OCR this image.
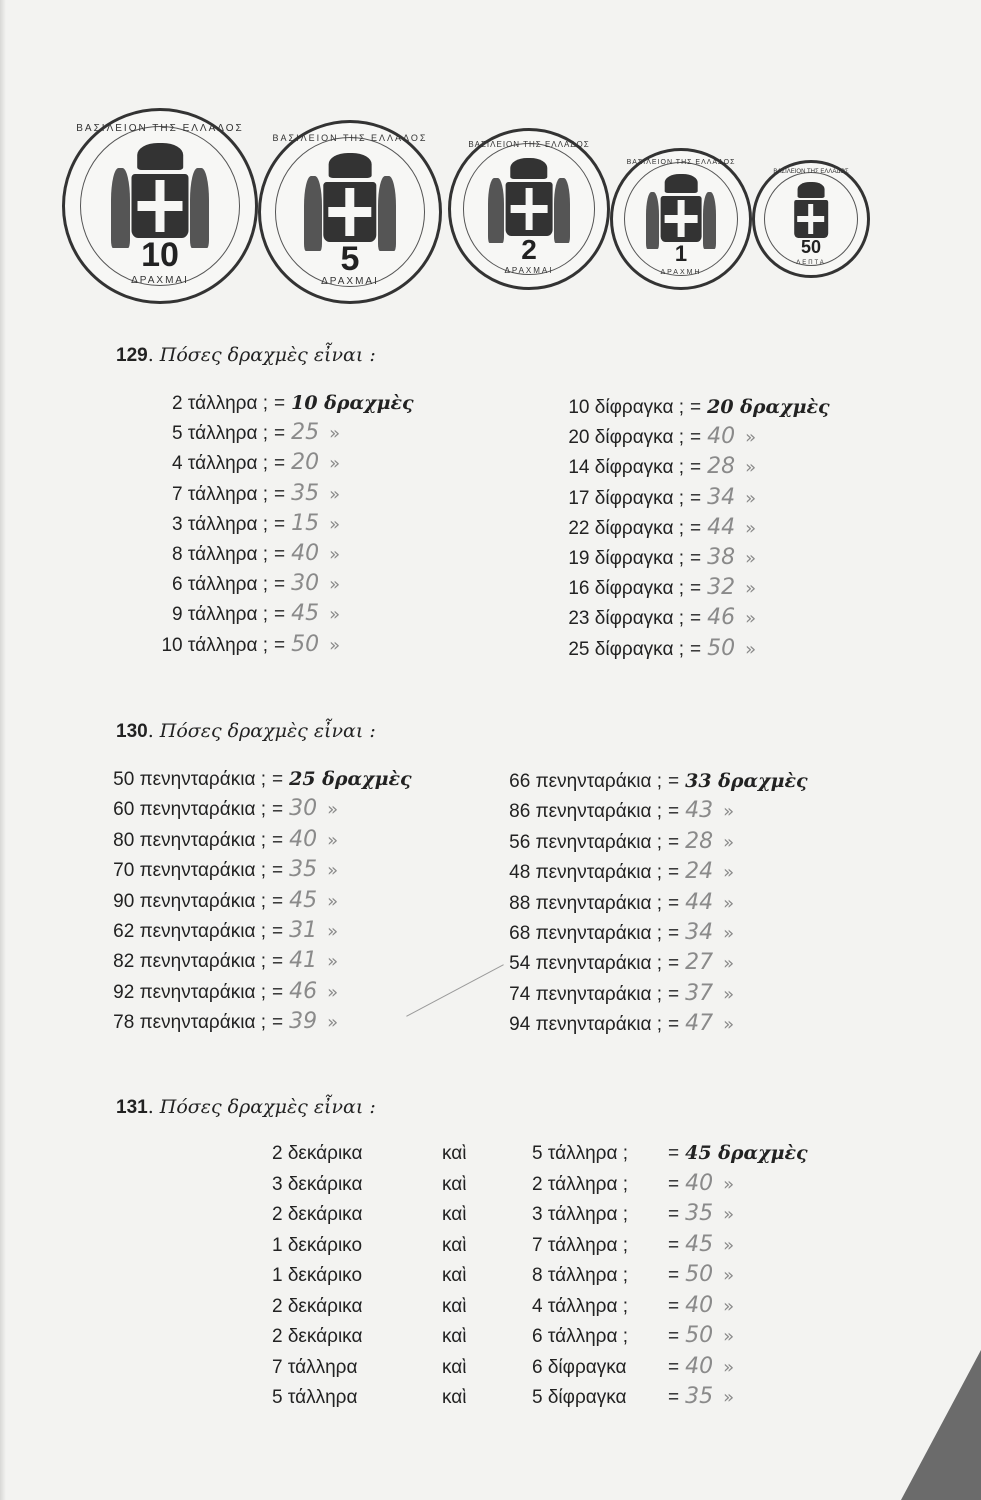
ΒΑΣΙΛΕΙΟΝ ΤΗΣ ΕΛΛΑΔΟΣ
10
ΔΡΑΧΜΑΙ
ΒΑΣΙΛΕΙΟΝ ΤΗΣ ΕΛΛΑΔΟΣ
5
ΔΡΑΧΜΑΙ
ΒΑΣΙΛΕΙΟΝ ΤΗΣ ΕΛΛΑΔΟΣ
2
ΔΡΑΧΜΑΙ
ΒΑΣΙΛΕΙΟΝ ΤΗΣ ΕΛΛΑΔΟΣ
1
ΔΡΑΧΜΗ
ΒΑΣΙΛΕΙΟΝ ΤΗΣ ΕΛΛΑΔΟΣ
50
ΛΕΠΤΑ
129. Πόσες δραχμὲς εἶναι :
2 τάλληρα ; = 10 δραχμὲς
5 τάλληρα ; = 25 »
4 τάλληρα ; = 20 »
7 τάλληρα ; = 35 »
3 τάλληρα ; = 15 »
8 τάλληρα ; = 40 »
6 τάλληρα ; = 30 »
9 τάλληρα ; = 45 »
10 τάλληρα ; = 50 »
10 δίφραγκα ; = 20 δραχμὲς
20 δίφραγκα ; = 40 »
14 δίφραγκα ; = 28 »
17 δίφραγκα ; = 34 »
22 δίφραγκα ; = 44 »
19 δίφραγκα ; = 38 »
16 δίφραγκα ; = 32 »
23 δίφραγκα ; = 46 »
25 δίφραγκα ; = 50 »
130. Πόσες δραχμὲς εἶναι :
50 πενηνταράκια ; = 25 δραχμὲς
60 πενηνταράκια ; = 30 »
80 πενηνταράκια ; = 40 »
70 πενηνταράκια ; = 35 »
90 πενηνταράκια ; = 45 »
62 πενηνταράκια ; = 31 »
82 πενηνταράκια ; = 41 »
92 πενηνταράκια ; = 46 »
78 πενηνταράκια ; = 39 »
66 πενηνταράκια ; = 33 δραχμὲς
86 πενηνταράκια ; = 43 »
56 πενηνταράκια ; = 28 »
48 πενηνταράκια ; = 24 »
88 πενηνταράκια ; = 44 »
68 πενηνταράκια ; = 34 »
54 πενηνταράκια ; = 27 »
74 πενηνταράκια ; = 37 »
94 πενηνταράκια ; = 47 »
131. Πόσες δραχμὲς εἶναι :
2 δεκάρικα	καὶ	5 τάλληρα ; = 45 δραχμὲς
3 δεκάρικα	καὶ	2 τάλληρα ; = 40 »
2 δεκάρικα	καὶ	3 τάλληρα ; = 35 »
1 δεκάρικο	καὶ	7 τάλληρα ; = 45 »
1 δεκάρικο	καὶ	8 τάλληρα ; = 50 »
2 δεκάρικα	καὶ	4 τάλληρα ; = 40 »
2 δεκάρικα	καὶ	6 τάλληρα ; = 50 »
7 τάλληρα	καὶ	6 δίφραγκα = 40 »
5 τάλληρα	καὶ	5 δίφραγκα = 35 »
